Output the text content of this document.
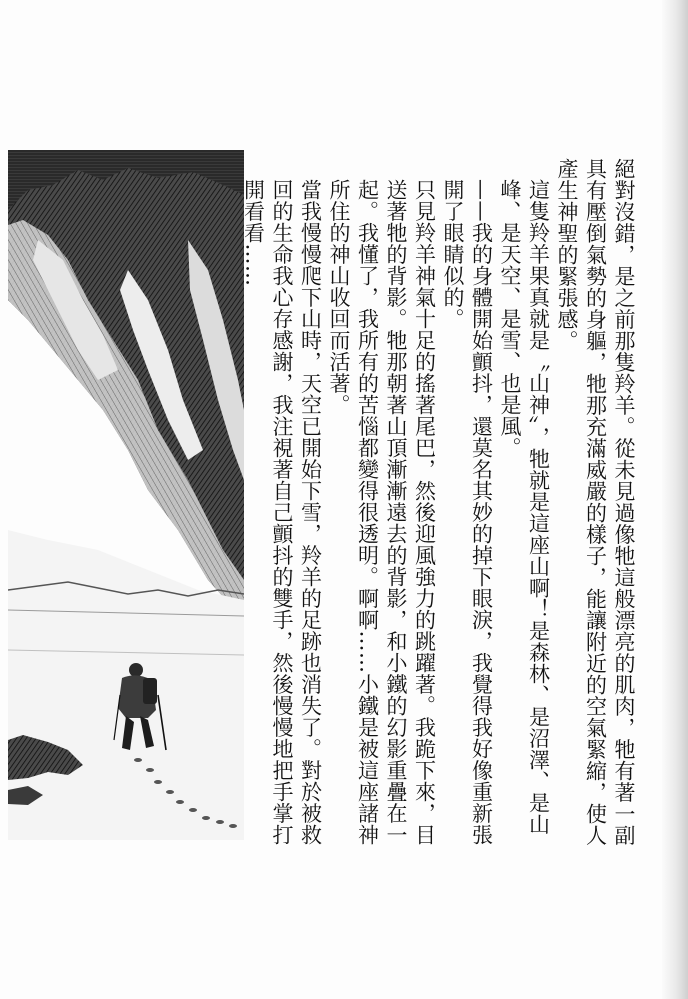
絕對沒錯，是之前那隻羚羊。從未見過像牠這般漂亮的肌肉，牠有著一副具有壓倒氣勢的身軀，牠那充滿威嚴的樣子，能讓附近的空氣緊縮，使人產生神聖的緊張感。

這隻羚羊果真就是〝山神〞，牠就是這座山啊！是森林、是沼澤、是山峰、是天空、是雪、也是風。

——我的身體開始顫抖，還莫名其妙的掉下眼淚，我覺得我好像重新張開了眼睛似的。

只見羚羊神氣十足的搖著尾巴，然後迎風強力的跳躍著。我跪下來，目送著牠的背影。牠那朝著山頂漸漸遠去的背影，和小鐵的幻影重疊在一起。我懂了，我所有的苦惱都變得很透明。啊啊……小鐵是被這座諸神所住的神山收回而活著。

當我慢慢爬下山時，天空已開始下雪，羚羊的足跡也消失了。對於被救回的生命我心存感謝，我注視著自己顫抖的雙手，然後慢慢地把手掌打開看看……
